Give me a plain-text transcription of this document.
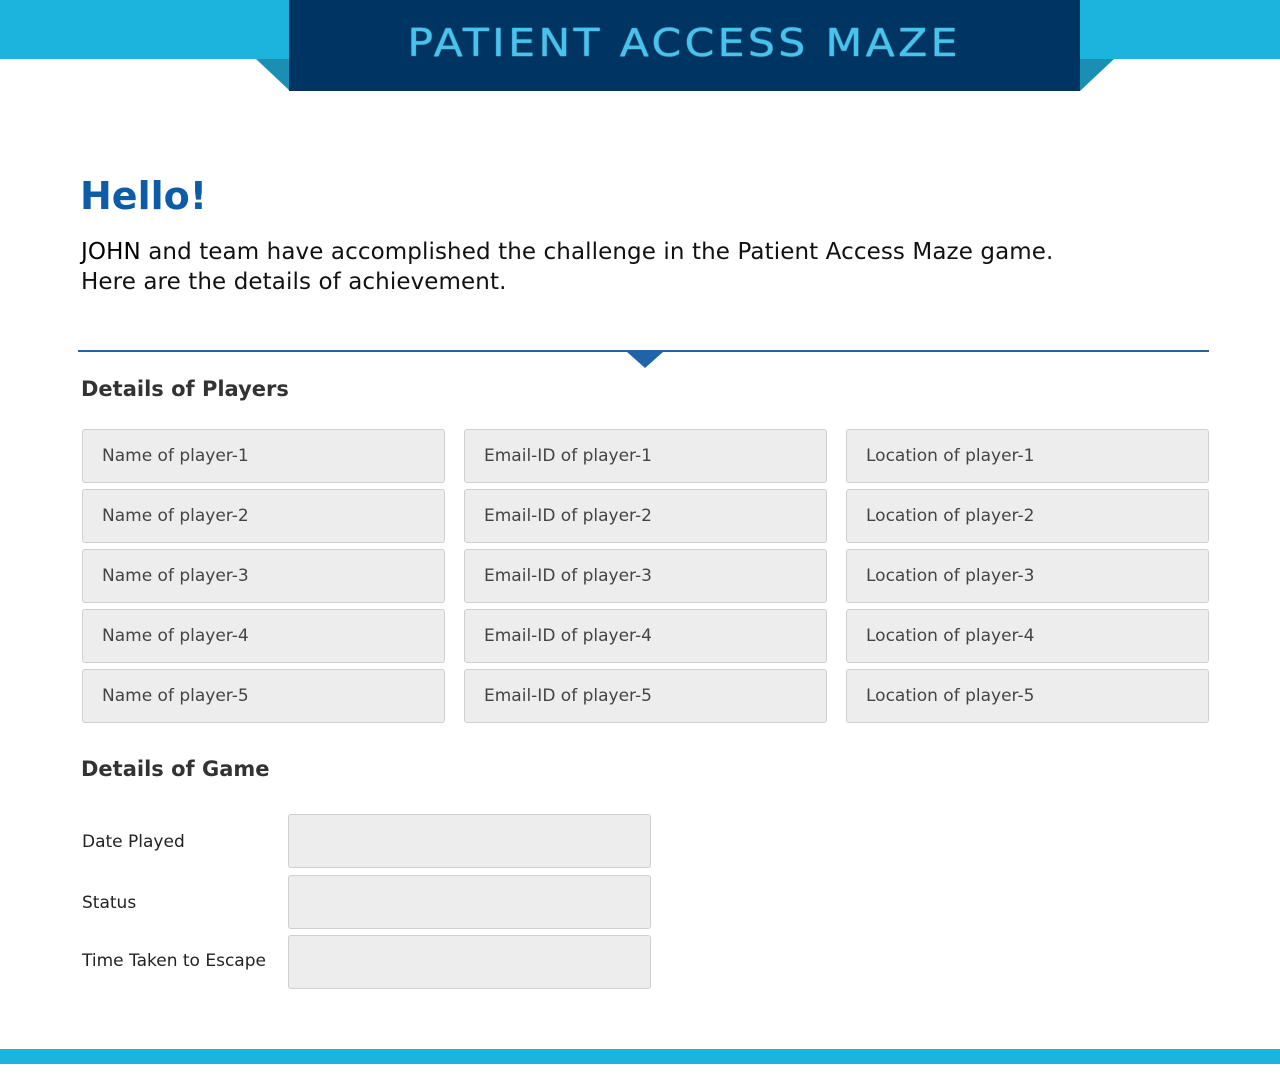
PATIENT ACCESS MAZE
Hello!
JOHN and team have accomplished the challenge in the Patient Access Maze game.
Here are the details of achievement.
Details of Players
Name of player-1	Email-ID of player-1	Location of player-1
Name of player-2	Email-ID of player-2	Location of player-2
Name of player-3	Email-ID of player-3	Location of player-3
Name of player-4	Email-ID of player-4	Location of player-4
Name of player-5	Email-ID of player-5	Location of player-5
Details of Game
Date Played
Status
Time Taken to Escape
